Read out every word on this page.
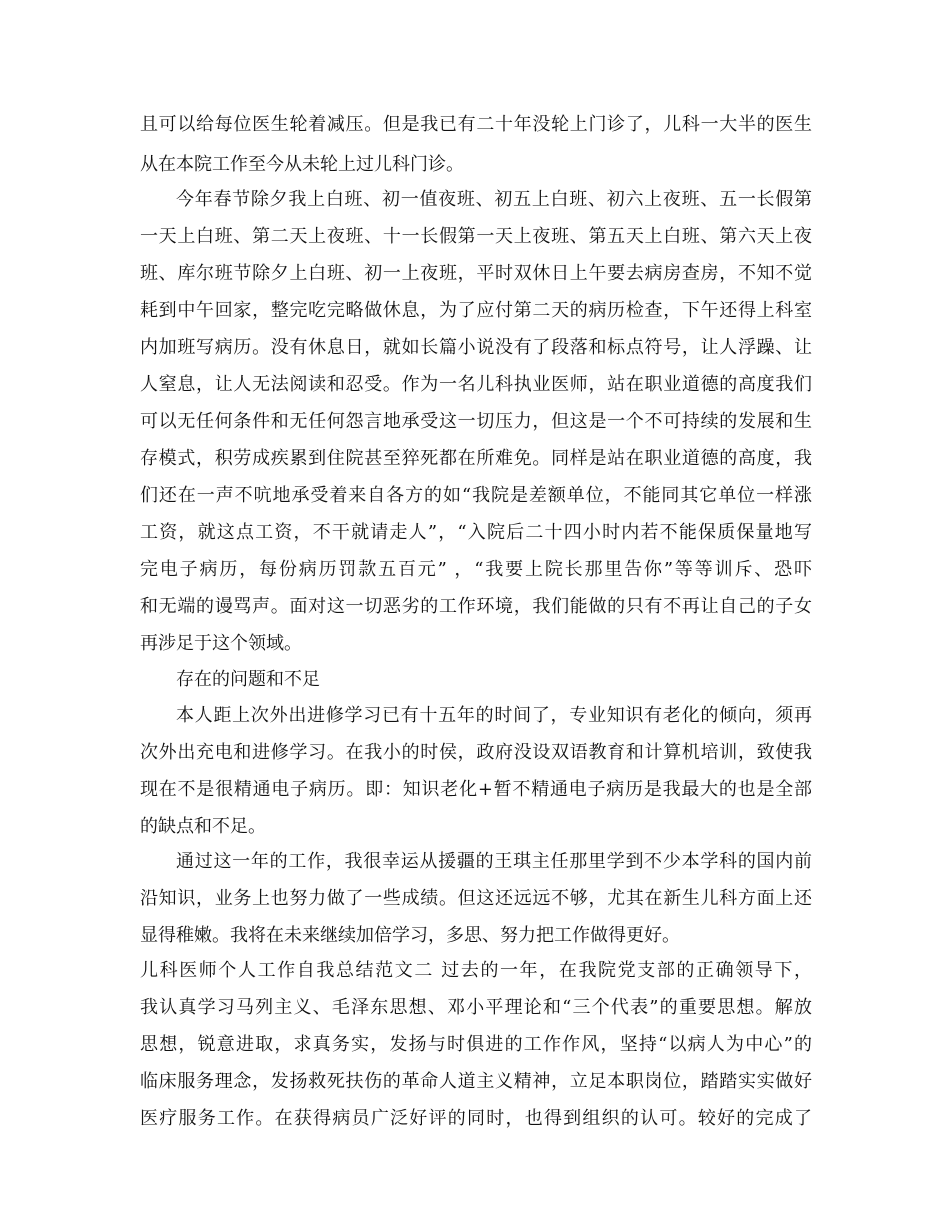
且可以给每位医生轮着减压。但是我已有二十年没轮上门诊了，儿科一大半的医生
从在本院工作至今从未轮上过儿科门诊。
今年春节除夕我上白班、初一值夜班、初五上白班、初六上夜班、五一长假第
一天上白班、第二天上夜班、十一长假第一天上夜班、第五天上白班、第六天上夜
班、库尔班节除夕上白班、初一上夜班，平时双休日上午要去病房查房，不知不觉
耗到中午回家，整完吃完略做休息，为了应付第二天的病历检查，下午还得上科室
内加班写病历。没有休息日，就如长篇小说没有了段落和标点符号，让人浮躁、让
人窒息，让人无法阅读和忍受。作为一名儿科执业医师，站在职业道德的高度我们
可以无任何条件和无任何怨言地承受这一切压力，但这是一个不可持续的发展和生
存模式，积劳成疾累到住院甚至猝死都在所难免。同样是站在职业道德的高度，我
们还在一声不吭地承受着来自各方的如“我院是差额单位，不能同其它单位一样涨
工资，就这点工资，不干就请走人”，“入院后二十四小时内若不能保质保量地写
完电子病历，每份病历罚款五百元” ，“我要上院长那里告你”等等训斥、恐吓
和无端的谩骂声。面对这一切恶劣的工作环境，我们能做的只有不再让自己的子女
再涉足于这个领域。
存在的问题和不足
本人距上次外出进修学习已有十五年的时间了，专业知识有老化的倾向，须再
次外出充电和进修学习。在我小的时侯，政府没设双语教育和计算机培训，致使我
现在不是很精通电子病历。即：知识老化+暂不精通电子病历是我最大的也是全部
的缺点和不足。
通过这一年的工作，我很幸运从援疆的王琪主任那里学到不少本学科的国内前
沿知识，业务上也努力做了一些成绩。但这还远远不够，尤其在新生儿科方面上还
显得稚嫩。我将在未来继续加倍学习，多思、努力把工作做得更好。
儿科医师个人工作自我总结范文二 过去的一年，在我院党支部的正确领导下，
我认真学习马列主义、毛泽东思想、邓小平理论和“三个代表”的重要思想。解放
思想，锐意进取，求真务实，发扬与时俱进的工作作风，坚持“以病人为中心”的
临床服务理念，发扬救死扶伤的革命人道主义精神，立足本职岗位，踏踏实实做好
医疗服务工作。在获得病员广泛好评的同时，也得到组织的认可。较好的完成了
